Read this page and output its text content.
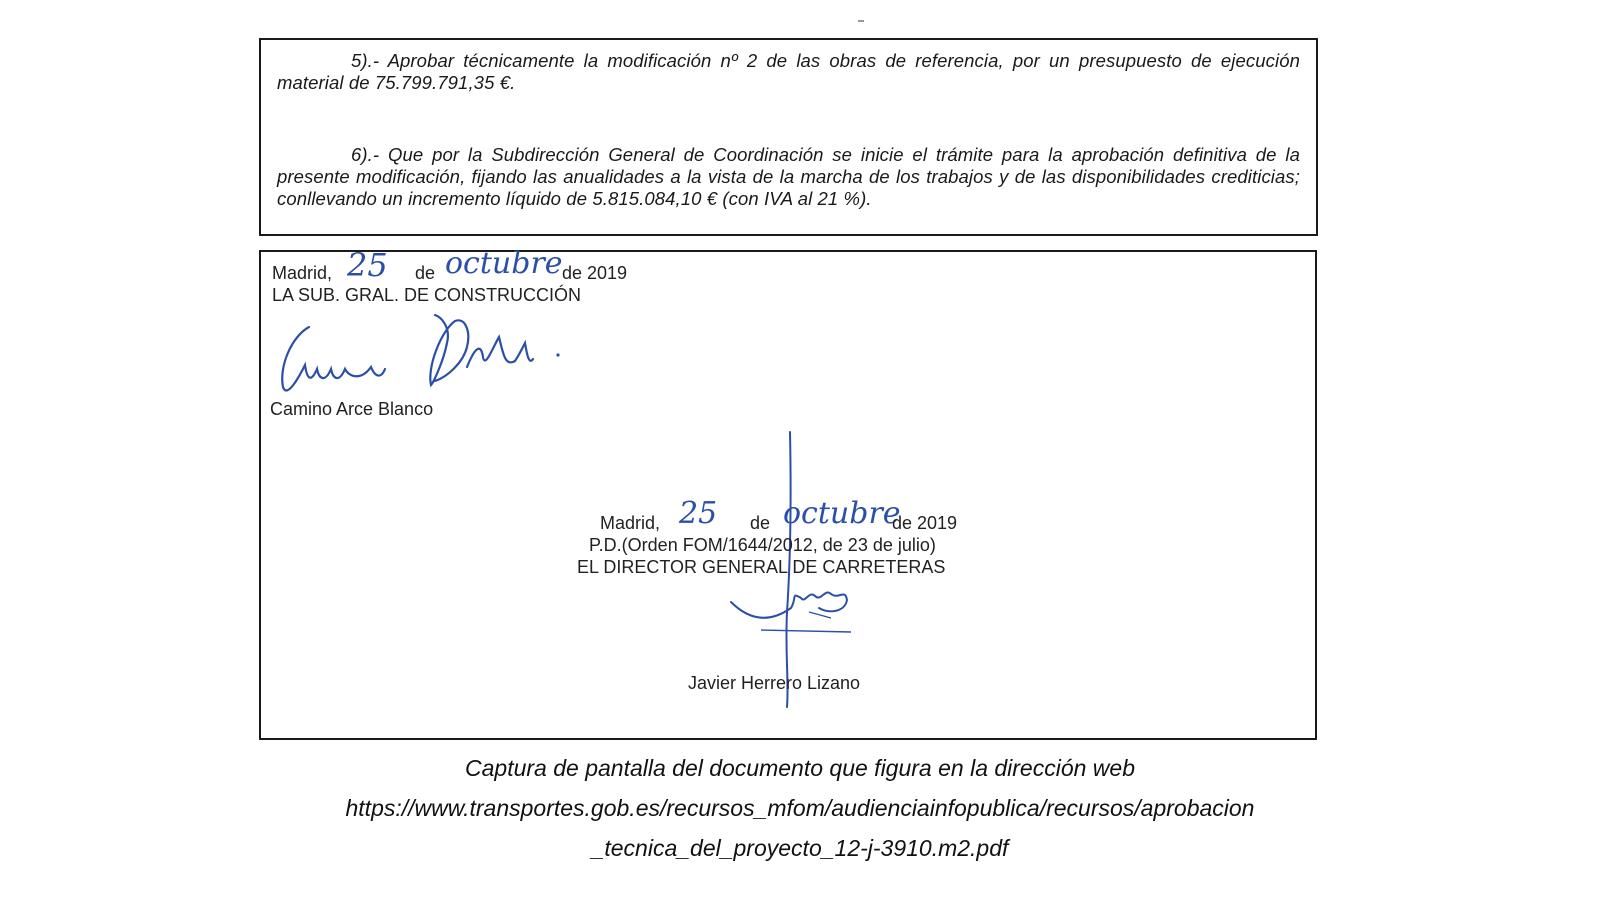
5).- Aprobar técnicamente la modificación nº 2 de las obras de referencia, por un presupuesto de ejecución material de 75.799.791,35 €.
6).- Que por la Subdirección General de Coordinación se inicie el trámite para la aprobación definitiva de la presente modificación, fijando las anualidades a la vista de la marcha de los trabajos y de las disponibilidades crediticias; conllevando un incremento líquido de 5.815.084,10 € (con IVA al 21 %).
Madrid, 25 de octubre de 2019
LA SUB. GRAL. DE CONSTRUCCIÓN
Camino Arce Blanco
Madrid, 25 de octubre
de 2019
P.D.(Orden FOM/1644/2012, de 23 de julio)
EL DIRECTOR GENERAL DE CARRETERAS
Javier Herrero Lizano
Captura de pantalla del documento que figura en la dirección web
https://www.transportes.gob.es/recursos_mfom/audienciainfopublica/recursos/aprobacion
_tecnica_del_proyecto_12-j-3910.m2.pdf
